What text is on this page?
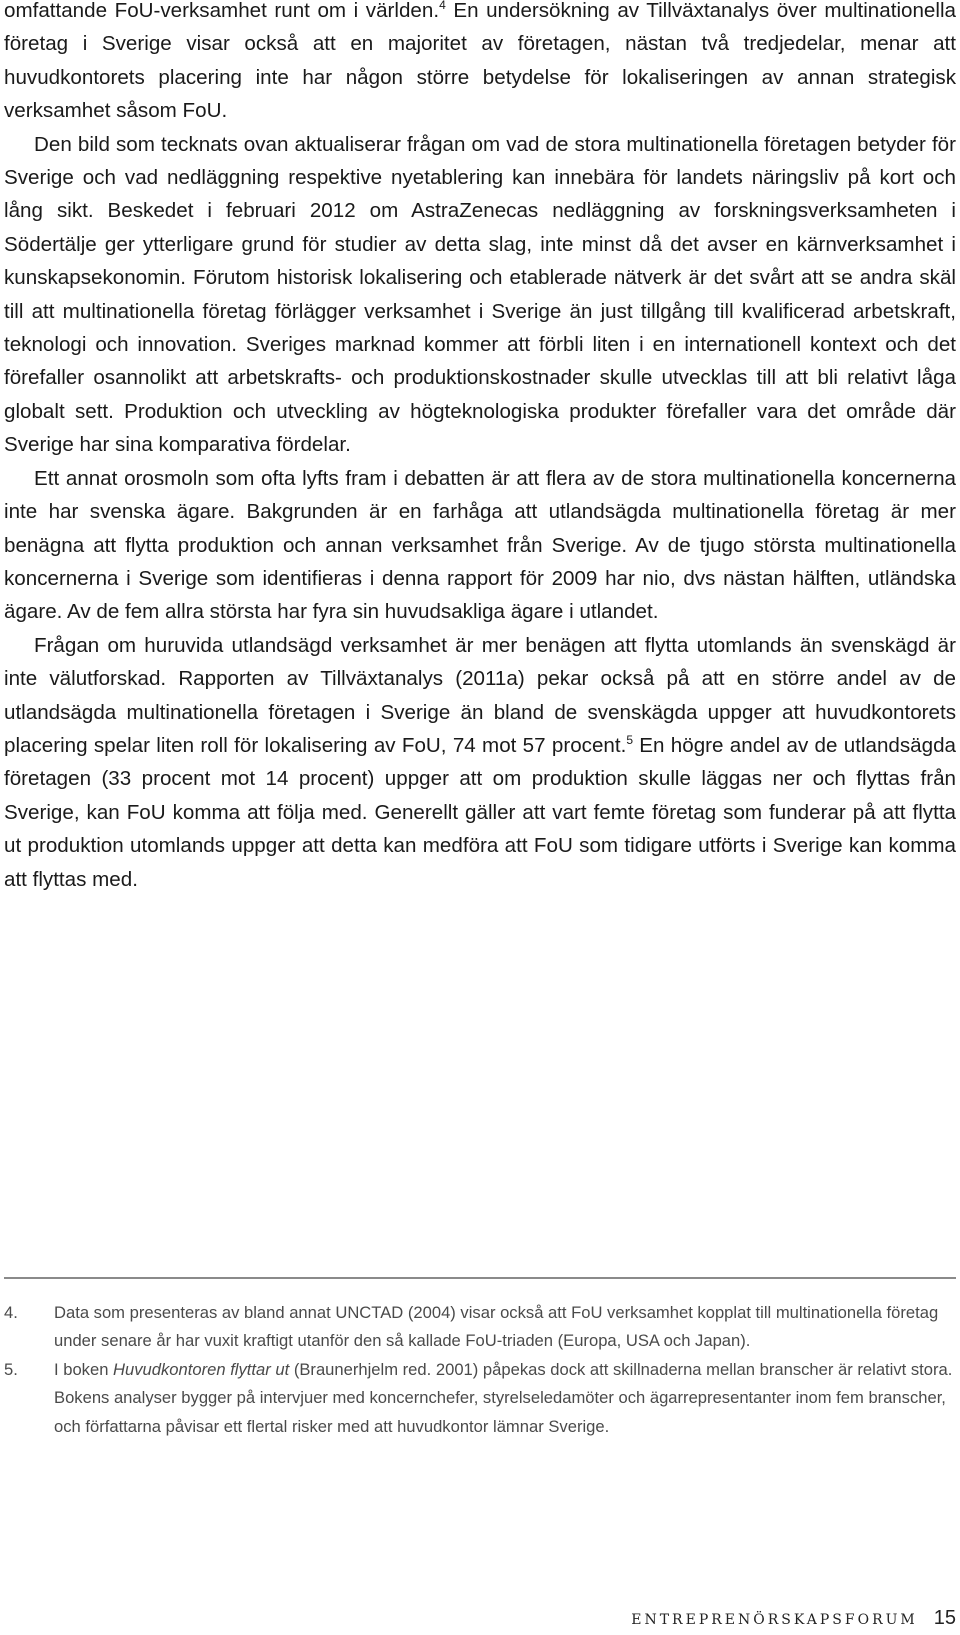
omfattande FoU-verksamhet runt om i världen.$^4$ En undersökning av Tillväxtanalys över multinationella företag i Sverige visar också att en majoritet av företagen, nästan två tredjedelar, menar att huvudkontorets placering inte har någon större betydelse för lokaliseringen av annan strategisk verksamhet såsom FoU.

Den bild som tecknats ovan aktualiserar frågan om vad de stora multinationella företagen betyder för Sverige och vad nedläggning respektive nyetablering kan innebära för landets näringsliv på kort och lång sikt. Beskedet i februari 2012 om AstraZenecas nedläggning av forskningsverksamheten i Södertälje ger ytterligare grund för studier av detta slag, inte minst då det avser en kärnverksamhet i kunskapsekonomin. Förutom historisk lokalisering och etablerade nätverk är det svårt att se andra skäl till att multinationella företag förlägger verksamhet i Sverige än just tillgång till kvalificerad arbetskraft, teknologi och innovation. Sveriges marknad kommer att förbli liten i en internationell kontext och det förefaller osannolikt att arbetskrafts- och produktionskostnader skulle utvecklas till att bli relativt låga globalt sett. Produktion och utveckling av högteknologiska produkter förefaller vara det område där Sverige har sina komparativa fördelar.

Ett annat orosmoln som ofta lyfts fram i debatten är att flera av de stora multinationella koncernerna inte har svenska ägare. Bakgrunden är en farhåga att utlandsägda multinationella företag är mer benägna att flytta produktion och annan verksamhet från Sverige. Av de tjugo största multinationella koncernerna i Sverige som identifieras i denna rapport för 2009 har nio, dvs nästan hälften, utländska ägare. Av de fem allra största har fyra sin huvudsakliga ägare i utlandet.

Frågan om huruvida utlandsägd verksamhet är mer benägen att flytta utomlands än svenskägd är inte välutforskad. Rapporten av Tillväxtanalys (2011a) pekar också på att en större andel av de utlandsägda multinationella företagen i Sverige än bland de svenskägda uppger att huvudkontorets placering spelar liten roll för lokalisering av FoU, 74 mot 57 procent.$^5$ En högre andel av de utlandsägda företagen (33 procent mot 14 procent) uppger att om produktion skulle läggas ner och flyttas från Sverige, kan FoU komma att följa med. Generellt gäller att vart femte företag som funderar på att flytta ut produktion utomlands uppger att detta kan medföra att FoU som tidigare utförts i Sverige kan komma att flyttas med.

4.	Data som presenteras av bland annat UNCTAD (2004) visar också att FoU verksamhet kopplat till multinationella företag under senare år har vuxit kraftigt utanför den så kallade FoU-triaden (Europa, USA och Japan).
5.	I boken Huvudkontoren flyttar ut (Braunerhjelm red. 2001) påpekas dock att skillnaderna mellan branscher är relativt stora. Bokens analyser bygger på intervjuer med koncernchefer, styrelseledamöter och ägarrepresentanter inom fem branscher, och författarna påvisar ett flertal risker med att huvudkontor lämnar Sverige.
ENTREPRENÖRSKAPSFORUM 15
